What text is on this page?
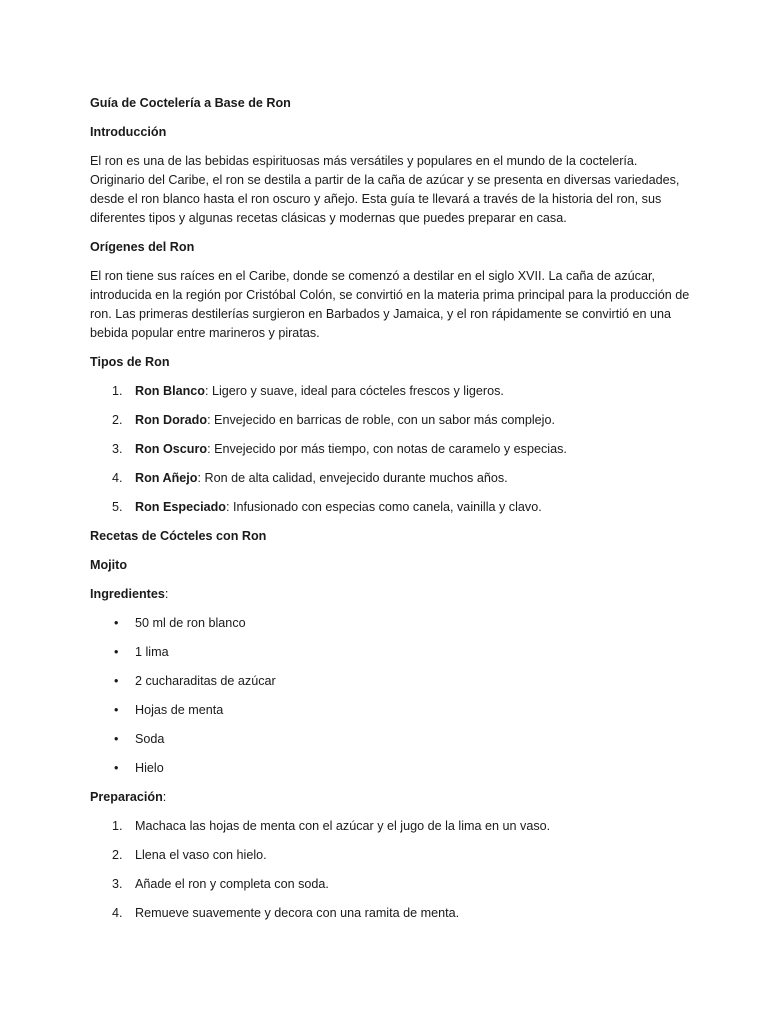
Guía de Coctelería a Base de Ron

Introducción

El ron es una de las bebidas espirituosas más versátiles y populares en el mundo de la coctelería. Originario del Caribe, el ron se destila a partir de la caña de azúcar y se presenta en diversas variedades, desde el ron blanco hasta el ron oscuro y añejo. Esta guía te llevará a través de la historia del ron, sus diferentes tipos y algunas recetas clásicas y modernas que puedes preparar en casa.

Orígenes del Ron

El ron tiene sus raíces en el Caribe, donde se comenzó a destilar en el siglo XVII. La caña de azúcar, introducida en la región por Cristóbal Colón, se convirtió en la materia prima principal para la producción de ron. Las primeras destilerías surgieron en Barbados y Jamaica, y el ron rápidamente se convirtió en una bebida popular entre marineros y piratas.

Tipos de Ron

1. Ron Blanco: Ligero y suave, ideal para cócteles frescos y ligeros.
2. Ron Dorado: Envejecido en barricas de roble, con un sabor más complejo.
3. Ron Oscuro: Envejecido por más tiempo, con notas de caramelo y especias.
4. Ron Añejo: Ron de alta calidad, envejecido durante muchos años.
5. Ron Especiado: Infusionado con especias como canela, vainilla y clavo.

Recetas de Cócteles con Ron

Mojito

Ingredientes:

• 50 ml de ron blanco
• 1 lima
• 2 cucharaditas de azúcar
• Hojas de menta
• Soda
• Hielo

Preparación:

1. Machaca las hojas de menta con el azúcar y el jugo de la lima en un vaso.
2. Llena el vaso con hielo.
3. Añade el ron y completa con soda.
4. Remueve suavemente y decora con una ramita de menta.
